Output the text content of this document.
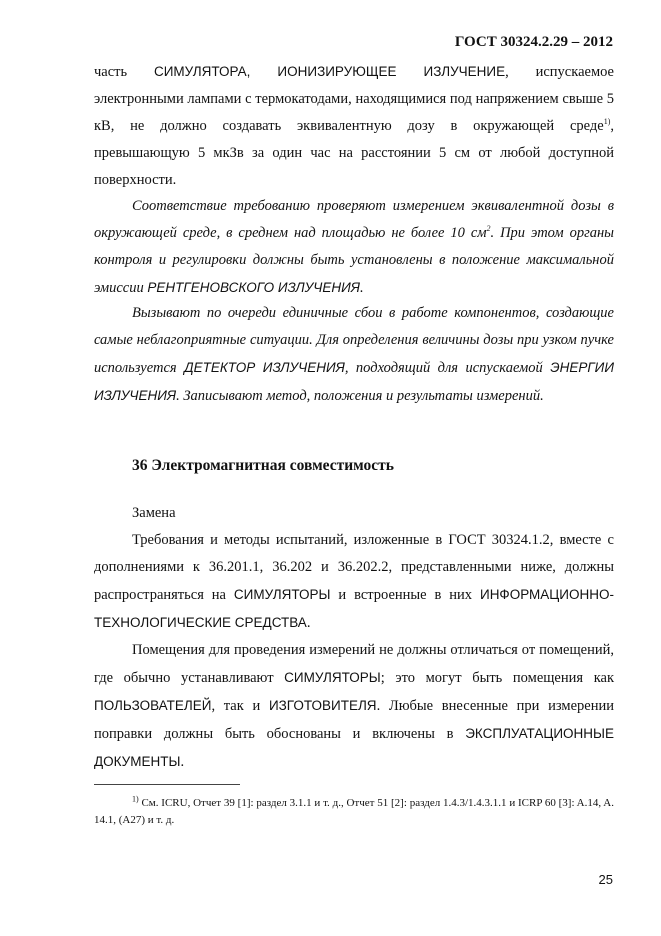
ГОСТ 30324.2.29 – 2012

часть СИМУЛЯТОРА, ИОНИЗИРУЮЩЕЕ ИЗЛУЧЕНИЕ, испускаемое электронными лампами с термокатодами, находящимися под напряжением свыше 5 кВ, не должно создавать эквивалентную дозу в окружающей среде$^{1)}$, превышающую 5 мкЗв за один час на расстоянии 5 см от любой доступной поверхности.

Соответствие требованию проверяют измерением эквивалентной дозы в окружающей среде, в среднем над площадью не более 10 $см^2$. При этом органы контроля и регулировки должны быть установлены в положение максимальной эмиссии РЕНТГЕНОВСКОГО ИЗЛУЧЕНИЯ.

Вызывают по очереди единичные сбои в работе компонентов, создающие самые неблагоприятные ситуации. Для определения величины дозы при узком пучке используется ДЕТЕКТОР ИЗЛУЧЕНИЯ, подходящий для испускаемой ЭНЕРГИИ ИЗЛУЧЕНИЯ. Записывают метод, положения и результаты измерений.

36 Электромагнитная совместимость

Замена

Требования и методы испытаний, изложенные в ГОСТ 30324.1.2, вместе с дополнениями к 36.201.1, 36.202 и 36.202.2, представленными ниже, должны распространяться на СИМУЛЯТОРЫ и встроенные в них ИНФОРМАЦИОННО-ТЕХНОЛОГИЧЕСКИЕ СРЕДСТВА.

Помещения для проведения измерений не должны отличаться от помещений, где обычно устанавливают СИМУЛЯТОРЫ; это могут быть помещения как ПОЛЬЗОВАТЕЛЕЙ, так и ИЗГОТОВИТЕЛЯ. Любые внесенные при измерении поправки должны быть обоснованы и включены в ЭКСПЛУАТАЦИОННЫЕ ДОКУМЕНТЫ.

$^{1)}$ См. ICRU, Отчет 39 [1]: раздел 3.1.1 и т. д., Отчет 51 [2]: раздел 1.4.3/1.4.3.1.1 и ICRP 60 [3]: A.14, A. 14.1, (A27) и т. д.

25
